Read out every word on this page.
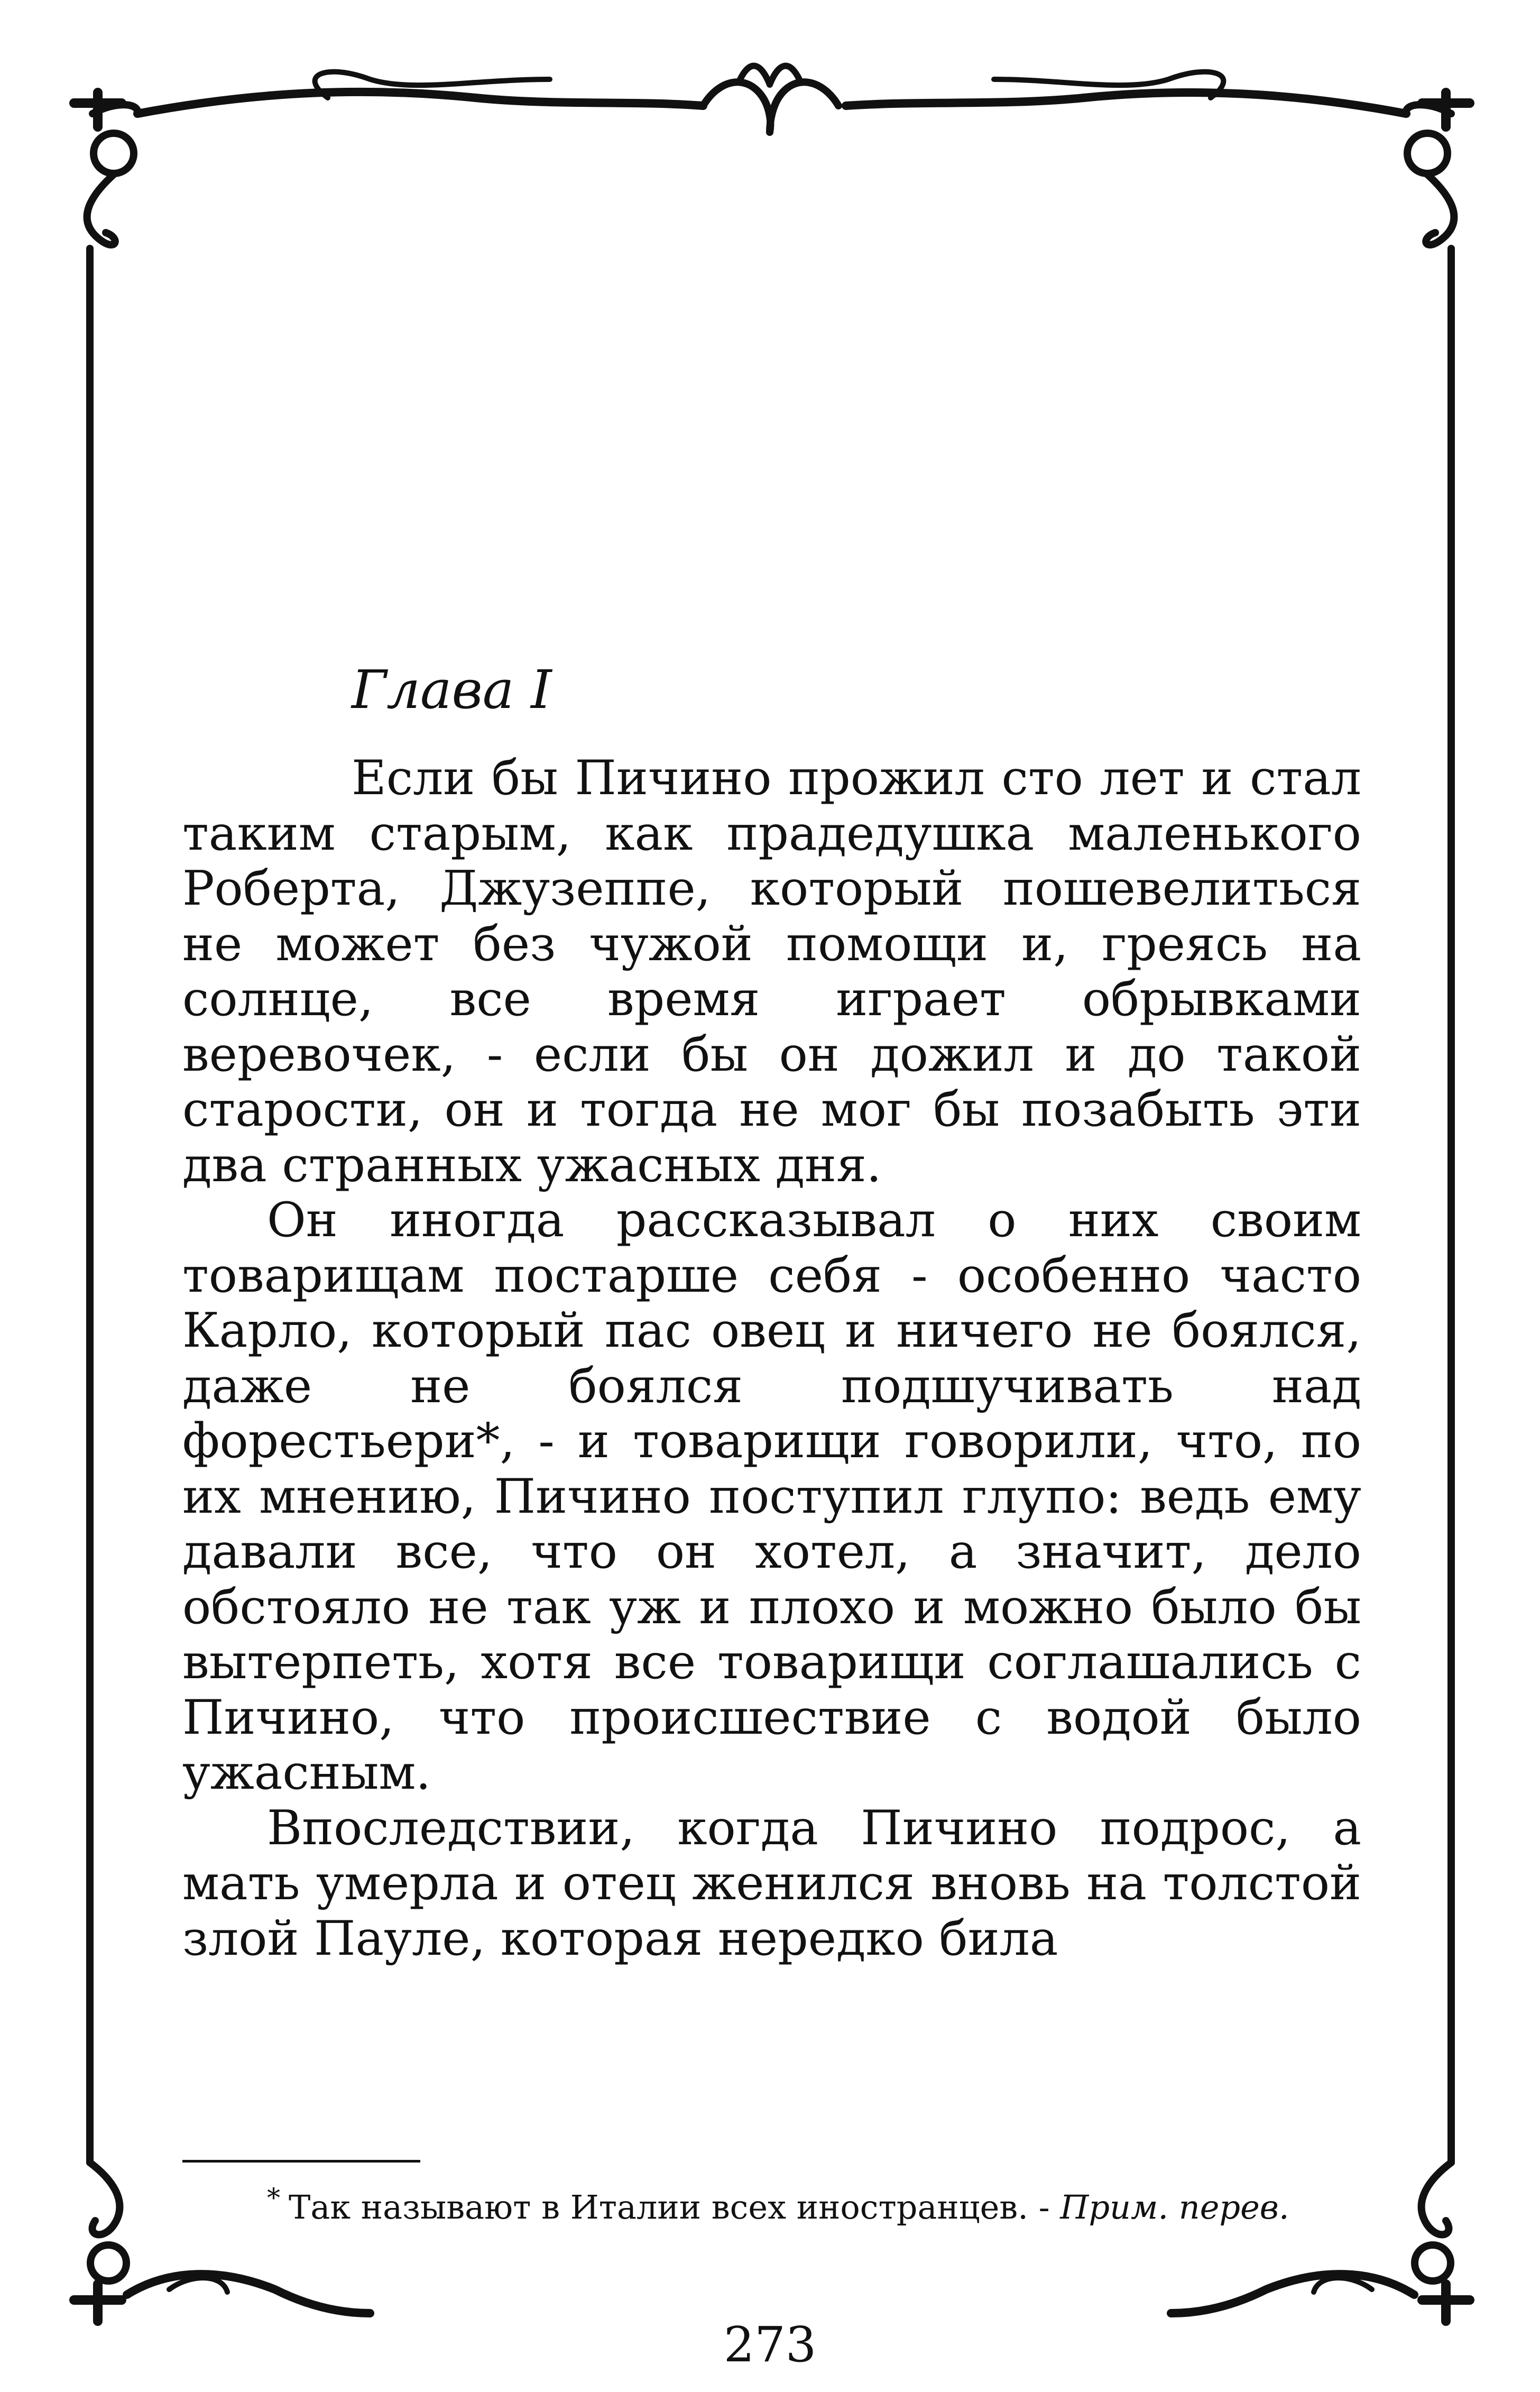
Глава I

Если бы Пичино прожил сто лет и стал таким старым, как прадедушка маленького Роберта, Джузеппе, который пошевелиться не может без чужой помощи и, греясь на солнце, все время играет обрывками веревочек, - если бы он дожил и до такой старости, он и тогда не мог бы позабыть эти два странных ужасных дня.

Он иногда рассказывал о них своим товарищам постарше себя - особенно часто Карло, который пас овец и ничего не боялся, даже не боялся подшучивать над форестьери*, - и товарищи говорили, что, по их мнению, Пичино поступил глупо: ведь ему давали все, что он хотел, а значит, дело обстояло не так уж и плохо и можно было бы вытерпеть, хотя все товарищи соглашались с Пичино, что происшествие с водой было ужасным.

Впоследствии, когда Пичино подрос, а мать умерла и отец женился вновь на толстой злой Пауле, которая нередко била

* Так называют в Италии всех иностранцев. - Прим. перев.
273
